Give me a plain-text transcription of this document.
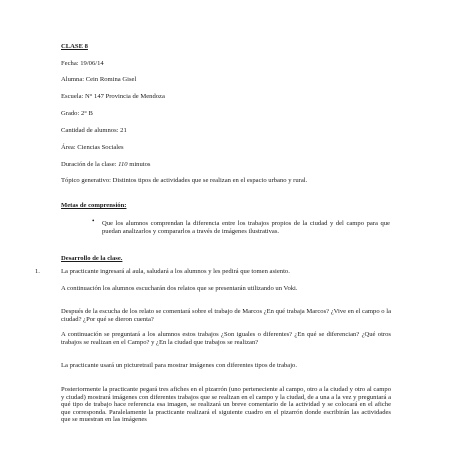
CLASE 8
Fecha: 19/06/14
Alumna: Cein Romina Gisel
Escuela: N° 147 Provincia de Mendoza
Grado: 2° B
Cantidad de alumnos: 21
Área: Ciencias Sociales
Duración de la clase: 110 minutos
Tópico generativo: Distintos tipos de actividades que se realizan en el espacio urbano y rural.
Metas de comprensión:
• Que los alumnos comprendan la diferencia entre los trabajos propios de la ciudad y del campo para que puedan analizarlos y compararlos a través de imágenes ilustrativas.
Desarrollo de la clase.
1.	La practicante ingresará al aula, saludará a los alumnos y les pedirá que tomen asiento.
A continuación los alumnos escucharán dos relatos que se presentarán utilizando un Voki.
Después de la escucha de los relato se comentará sobre el trabajo de Marcos ¿En qué trabaja Marcos? ¿Vive en el campo o la ciudad? ¿Por qué se dieron cuenta?
A continuación se preguntará a los alumnos estos trabajos ¿Son iguales o diferentes? ¿En qué se diferencian? ¿Qué otros trabajos se realizan en el Campo? y ¿En la ciudad que trabajos se realizan?
La practicante usará un picturetrail para mostrar imágenes con diferentes tipos de trabajo.
Posteriormente la practicante pegará tres afiches en el pizarrón (uno perteneciente al campo, otro a la ciudad y otro al campo y ciudad) mostrará imágenes con diferentes trabajos que se realizan en el campo y la ciudad, de a una a la vez y preguntará a qué tipo de trabajo hace referencia esa imagen, se realizará un breve comentario de la actividad y se colocará en el afiche que corresponda. Paralelamente la practicante realizará el siguiente cuadro en el pizarrón donde escribirán las actividades que se muestran en las imágenes
